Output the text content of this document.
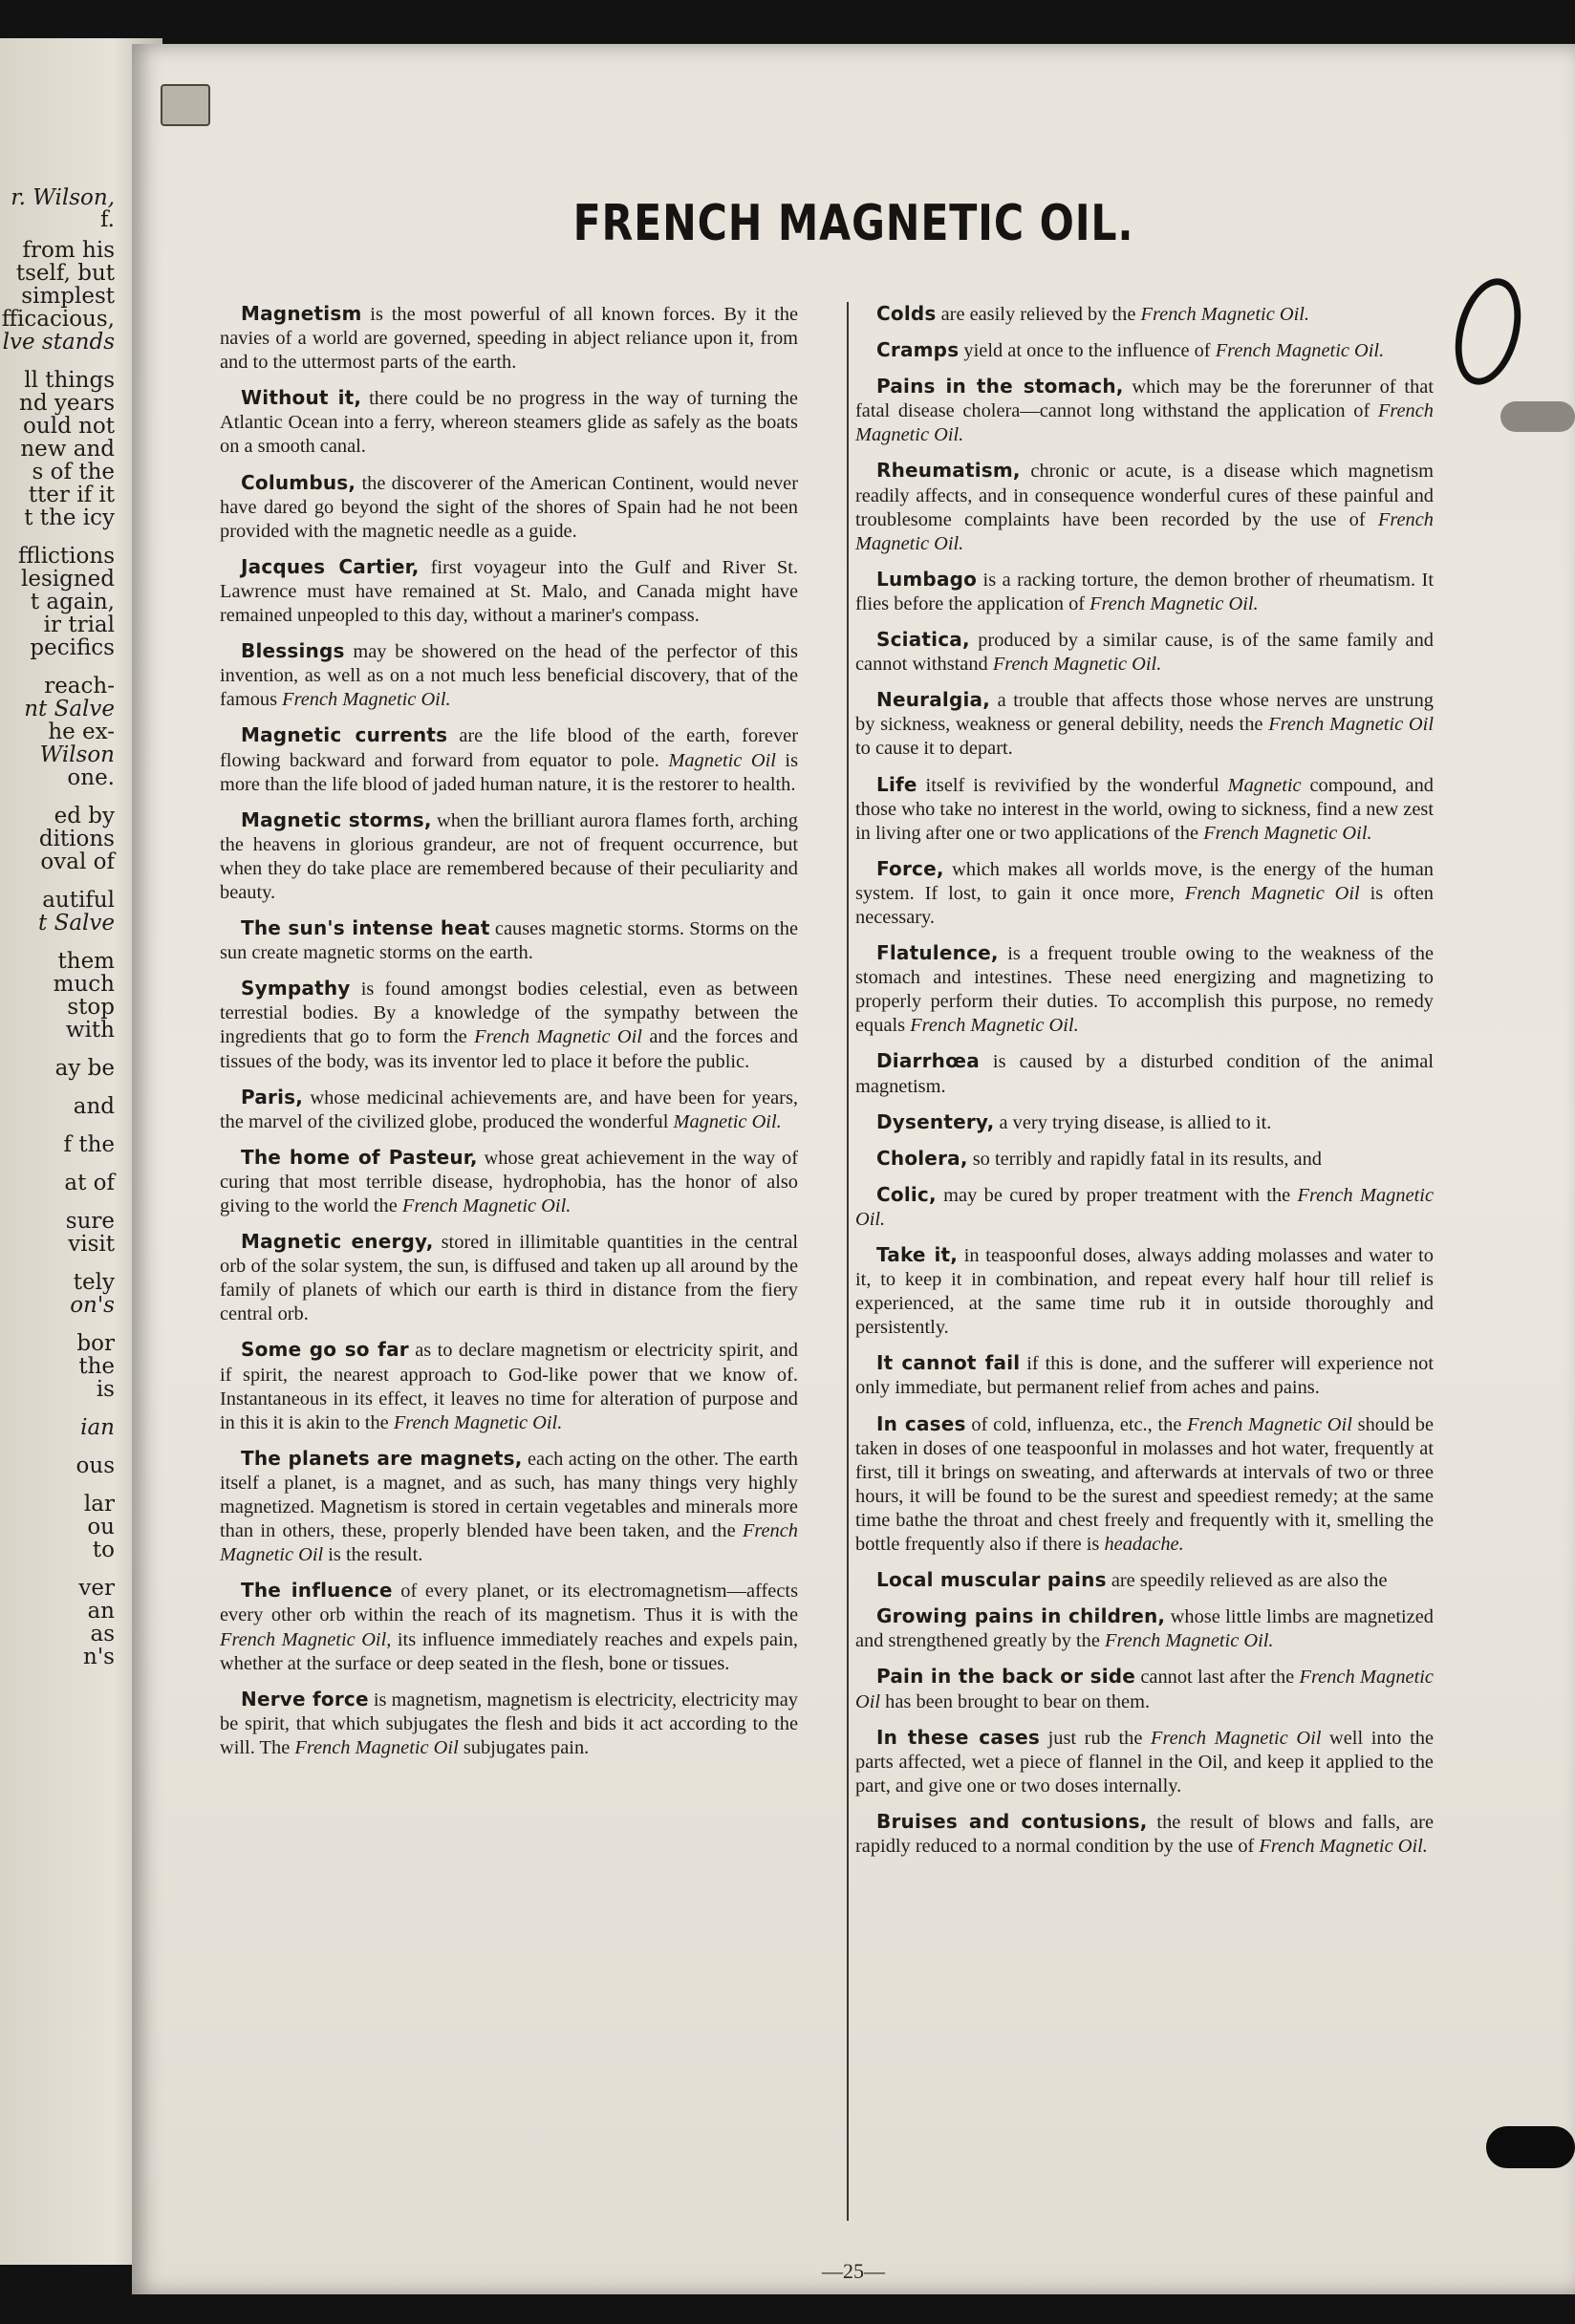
r. Wilson,
f.
from his
tself, but
simplest
fficacious,
lve stands
ll things
nd years
ould not
new and
s of the
tter if it
t the icy
fflictions
lesigned
t again,
ir trial
pecifics
reach-
nt Salve
he ex-
Wilson
one.
ed by
ditions
oval of
autiful
t Salve
them
much
stop
with
ay be
and
f the
at of
sure
visit
tely
on's
bor
the
is
ian
ous
lar
ou
to
ver
an
as
n's
FRENCH MAGNETIC OIL.

Magnetism is the most powerful of all known forces. By it the navies of a world are governed, speeding in abject reliance upon it, from and to the uttermost parts of the earth.

Without it, there could be no progress in the way of turning the Atlantic Ocean into a ferry, whereon steamers glide as safely as the boats on a smooth canal.

Columbus, the discoverer of the American Continent, would never have dared go beyond the sight of the shores of Spain had he not been provided with the magnetic needle as a guide.

Jacques Cartier, first voyageur into the Gulf and River St. Lawrence must have remained at St. Malo, and Canada might have remained unpeopled to this day, without a mariner's compass.

Blessings may be showered on the head of the perfector of this invention, as well as on a not much less beneficial discovery, that of the famous French Magnetic Oil.

Magnetic currents are the life blood of the earth, forever flowing backward and forward from equator to pole. Magnetic Oil is more than the life blood of jaded human nature, it is the restorer to health.

Magnetic storms, when the brilliant aurora flames forth, arching the heavens in glorious grandeur, are not of frequent occurrence, but when they do take place are remembered because of their peculiarity and beauty.

The sun's intense heat causes magnetic storms. Storms on the sun create magnetic storms on the earth.

Sympathy is found amongst bodies celestial, even as between terrestial bodies. By a knowledge of the sympathy between the ingredients that go to form the French Magnetic Oil and the forces and tissues of the body, was its inventor led to place it before the public.

Paris, whose medicinal achievements are, and have been for years, the marvel of the civilized globe, produced the wonderful Magnetic Oil.

The home of Pasteur, whose great achievement in the way of curing that most terrible disease, hydrophobia, has the honor of also giving to the world the French Magnetic Oil.

Magnetic energy, stored in illimitable quantities in the central orb of the solar system, the sun, is diffused and taken up all around by the family of planets of which our earth is third in distance from the fiery central orb.

Some go so far as to declare magnetism or electricity spirit, and if spirit, the nearest approach to God-like power that we know of. Instantaneous in its effect, it leaves no time for alteration of purpose and in this it is akin to the French Magnetic Oil.

The planets are magnets, each acting on the other. The earth itself a planet, is a magnet, and as such, has many things very highly magnetized. Magnetism is stored in certain vegetables and minerals more than in others, these, properly blended have been taken, and the French Magnetic Oil is the result.

The influence of every planet, or its electromagnetism—affects every other orb within the reach of its magnetism. Thus it is with the French Magnetic Oil, its influence immediately reaches and expels pain, whether at the surface or deep seated in the flesh, bone or tissues.

Nerve force is magnetism, magnetism is electricity, electricity may be spirit, that which subjugates the flesh and bids it act according to the will. The French Magnetic Oil subjugates pain.

Colds are easily relieved by the French Magnetic Oil.

Cramps yield at once to the influence of French Magnetic Oil.

Pains in the stomach, which may be the forerunner of that fatal disease cholera—cannot long withstand the application of French Magnetic Oil.

Rheumatism, chronic or acute, is a disease which magnetism readily affects, and in consequence wonderful cures of these painful and troublesome complaints have been recorded by the use of French Magnetic Oil.

Lumbago is a racking torture, the demon brother of rheumatism. It flies before the application of French Magnetic Oil.

Sciatica, produced by a similar cause, is of the same family and cannot withstand French Magnetic Oil.

Neuralgia, a trouble that affects those whose nerves are unstrung by sickness, weakness or general debility, needs the French Magnetic Oil to cause it to depart.

Life itself is revivified by the wonderful Magnetic compound, and those who take no interest in the world, owing to sickness, find a new zest in living after one or two applications of the French Magnetic Oil.

Force, which makes all worlds move, is the energy of the human system. If lost, to gain it once more, French Magnetic Oil is often necessary.

Flatulence, is a frequent trouble owing to the weakness of the stomach and intestines. These need energizing and magnetizing to properly perform their duties. To accomplish this purpose, no remedy equals French Magnetic Oil.

Diarrhœa is caused by a disturbed condition of the animal magnetism.

Dysentery, a very trying disease, is allied to it.

Cholera, so terribly and rapidly fatal in its results, and

Colic, may be cured by proper treatment with the French Magnetic Oil.

Take it, in teaspoonful doses, always adding molasses and water to it, to keep it in combination, and repeat every half hour till relief is experienced, at the same time rub it in outside thoroughly and persistently.

It cannot fail if this is done, and the sufferer will experience not only immediate, but permanent relief from aches and pains.

In cases of cold, influenza, etc., the French Magnetic Oil should be taken in doses of one teaspoonful in molasses and hot water, frequently at first, till it brings on sweating, and afterwards at intervals of two or three hours, it will be found to be the surest and speediest remedy; at the same time bathe the throat and chest freely and frequently with it, smelling the bottle frequently also if there is headache.

Local muscular pains are speedily relieved as are also the

Growing pains in children, whose little limbs are magnetized and strengthened greatly by the French Magnetic Oil.

Pain in the back or side cannot last after the French Magnetic Oil has been brought to bear on them.

In these cases just rub the French Magnetic Oil well into the parts affected, wet a piece of flannel in the Oil, and keep it applied to the part, and give one or two doses internally.

Bruises and contusions, the result of blows and falls, are rapidly reduced to a normal condition by the use of French Magnetic Oil.

—25—
